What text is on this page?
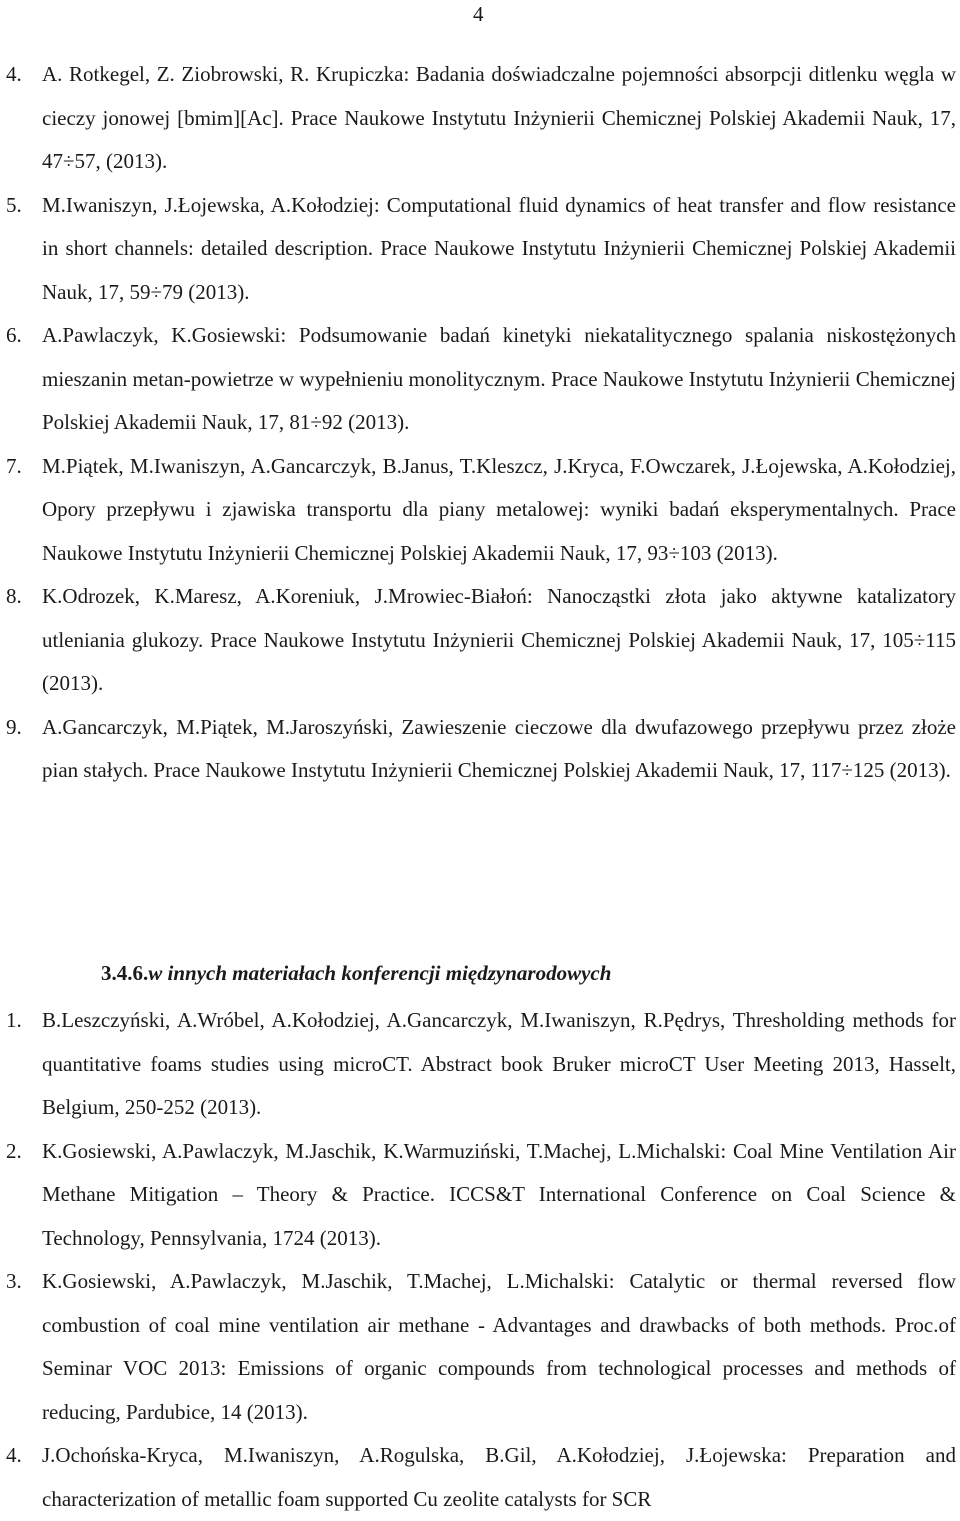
4
4. A. Rotkegel, Z. Ziobrowski, R. Krupiczka: Badania doświadczalne pojemności absorpcji ditlenku węgla w cieczy jonowej [bmim][Ac]. Prace Naukowe Instytutu Inżynierii Chemicznej Polskiej Akademii Nauk, 17, 47÷57, (2013).
5. M.Iwaniszyn, J.Łojewska, A.Kołodziej: Computational fluid dynamics of heat transfer and flow resistance in short channels: detailed description. Prace Naukowe Instytutu Inżynierii Chemicznej Polskiej Akademii Nauk, 17, 59÷79 (2013).
6. A.Pawlaczyk, K.Gosiewski: Podsumowanie badań kinetyki niekatalitycznego spalania niskostężonych mieszanin metan-powietrze w wypełnieniu monolitycznym. Prace Naukowe Instytutu Inżynierii Chemicznej Polskiej Akademii Nauk, 17, 81÷92 (2013).
7. M.Piątek, M.Iwaniszyn, A.Gancarczyk, B.Janus, T.Kleszcz, J.Kryca, F.Owczarek, J.Łojewska, A.Kołodziej, Opory przepływu i zjawiska transportu dla piany metalowej: wyniki badań eksperymentalnych. Prace Naukowe Instytutu Inżynierii Chemicznej Polskiej Akademii Nauk, 17, 93÷103 (2013).
8. K.Odrozek, K.Maresz, A.Koreniuk, J.Mrowiec-Białoń: Nanocząstki złota jako aktywne katalizatory utleniania glukozy. Prace Naukowe Instytutu Inżynierii Chemicznej Polskiej Akademii Nauk, 17, 105÷115 (2013).
9. A.Gancarczyk, M.Piątek, M.Jaroszyński, Zawieszenie cieczowe dla dwufazowego przepływu przez złoże pian stałych. Prace Naukowe Instytutu Inżynierii Chemicznej Polskiej Akademii Nauk, 17, 117÷125 (2013).
3.4.6.w innych materiałach konferencji międzynarodowych
1. B.Leszczyński, A.Wróbel, A.Kołodziej, A.Gancarczyk, M.Iwaniszyn, R.Pędrys, Thresholding methods for quantitative foams studies using microCT. Abstract book Bruker microCT User Meeting 2013, Hasselt, Belgium, 250-252 (2013).
2. K.Gosiewski, A.Pawlaczyk, M.Jaschik, K.Warmuziński, T.Machej, L.Michalski: Coal Mine Ventilation Air Methane Mitigation – Theory & Practice. ICCS&T International Conference on Coal Science & Technology, Pennsylvania, 1724 (2013).
3. K.Gosiewski, A.Pawlaczyk, M.Jaschik, T.Machej, L.Michalski: Catalytic or thermal reversed flow combustion of coal mine ventilation air methane - Advantages and drawbacks of both methods. Proc.of Seminar VOC 2013: Emissions of organic compounds from technological processes and methods of reducing, Pardubice, 14 (2013).
4. J.Ochońska-Kryca, M.Iwaniszyn, A.Rogulska, B.Gil, A.Kołodziej, J.Łojewska: Preparation and characterization of metallic foam supported Cu zeolite catalysts for SCR
